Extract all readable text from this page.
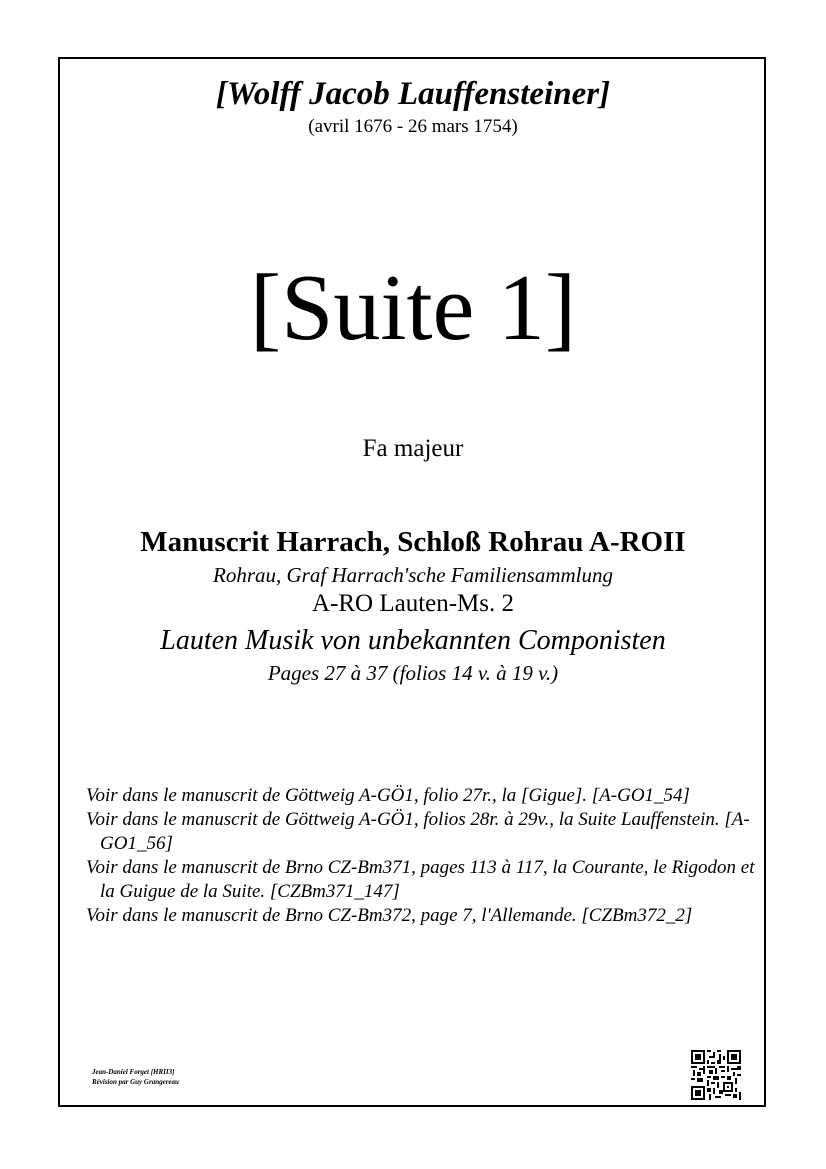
[Wolff Jacob Lauffensteiner]
(avril 1676 - 26 mars 1754)
[Suite 1]
Fa majeur
Manuscrit Harrach, Schloß Rohrau A-ROII
Rohrau, Graf Harrach'sche Familiensammlung
A-RO Lauten-Ms. 2
Lauten Musik von unbekannten Componisten
Pages 27 à 37 (folios 14 v. à 19 v.)
Voir dans le manuscrit de Göttweig A-GÖ1, folio 27r., la [Gigue]. [A-GO1_54]
Voir dans le manuscrit de Göttweig A-GÖ1, folios 28r. à 29v., la Suite Lauffenstein. [A-GO1_56]
Voir dans le manuscrit de Brno CZ-Bm371, pages 113 à 117, la Courante, le Rigodon et la Guigue de la Suite. [CZBm371_147]
Voir dans le manuscrit de Brno CZ-Bm372, page 7, l'Allemande. [CZBm372_2]
Jean-Daniel Forget [HRII3]
Révision par Guy Grangereau
